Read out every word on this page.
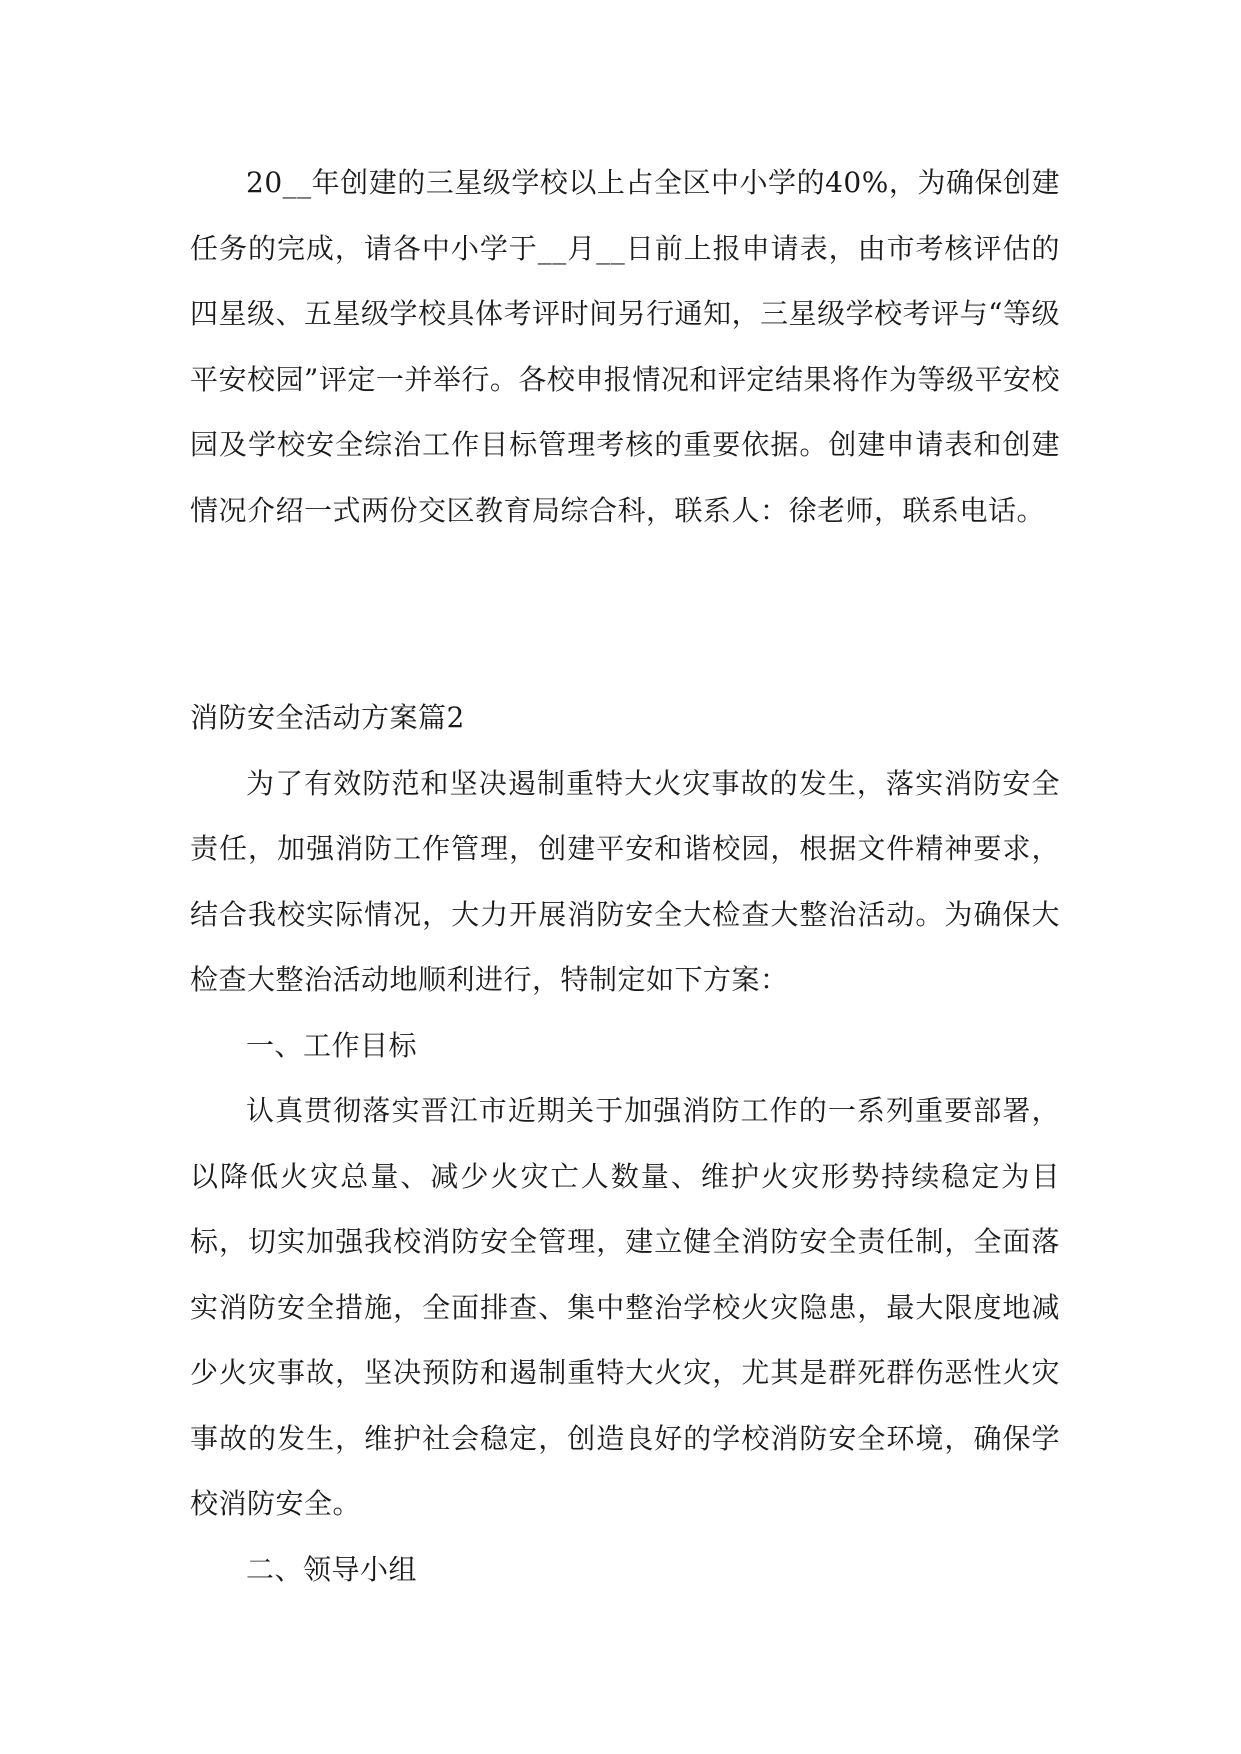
20__年创建的三星级学校以上占全区中小学的40%，为确保创建任务的完成，请各中小学于__月__日前上报申请表，由市考核评估的四星级、五星级学校具体考评时间另行通知，三星级学校考评与“等级平安校园”评定一并举行。各校申报情况和评定结果将作为等级平安校园及学校安全综治工作目标管理考核的重要依据。创建申请表和创建情况介绍一式两份交区教育局综合科，联系人：徐老师，联系电话。

消防安全活动方案篇2

为了有效防范和坚决遏制重特大火灾事故的发生，落实消防安全责任，加强消防工作管理，创建平安和谐校园，根据文件精神要求，结合我校实际情况，大力开展消防安全大检查大整治活动。为确保大检查大整治活动地顺利进行，特制定如下方案：

一、工作目标

认真贯彻落实晋江市近期关于加强消防工作的一系列重要部署，以降低火灾总量、减少火灾亡人数量、维护火灾形势持续稳定为目标，切实加强我校消防安全管理，建立健全消防安全责任制，全面落实消防安全措施，全面排查、集中整治学校火灾隐患，最大限度地减少火灾事故，坚决预防和遏制重特大火灾，尤其是群死群伤恶性火灾事故的发生，维护社会稳定，创造良好的学校消防安全环境，确保学校消防安全。

二、领导小组
